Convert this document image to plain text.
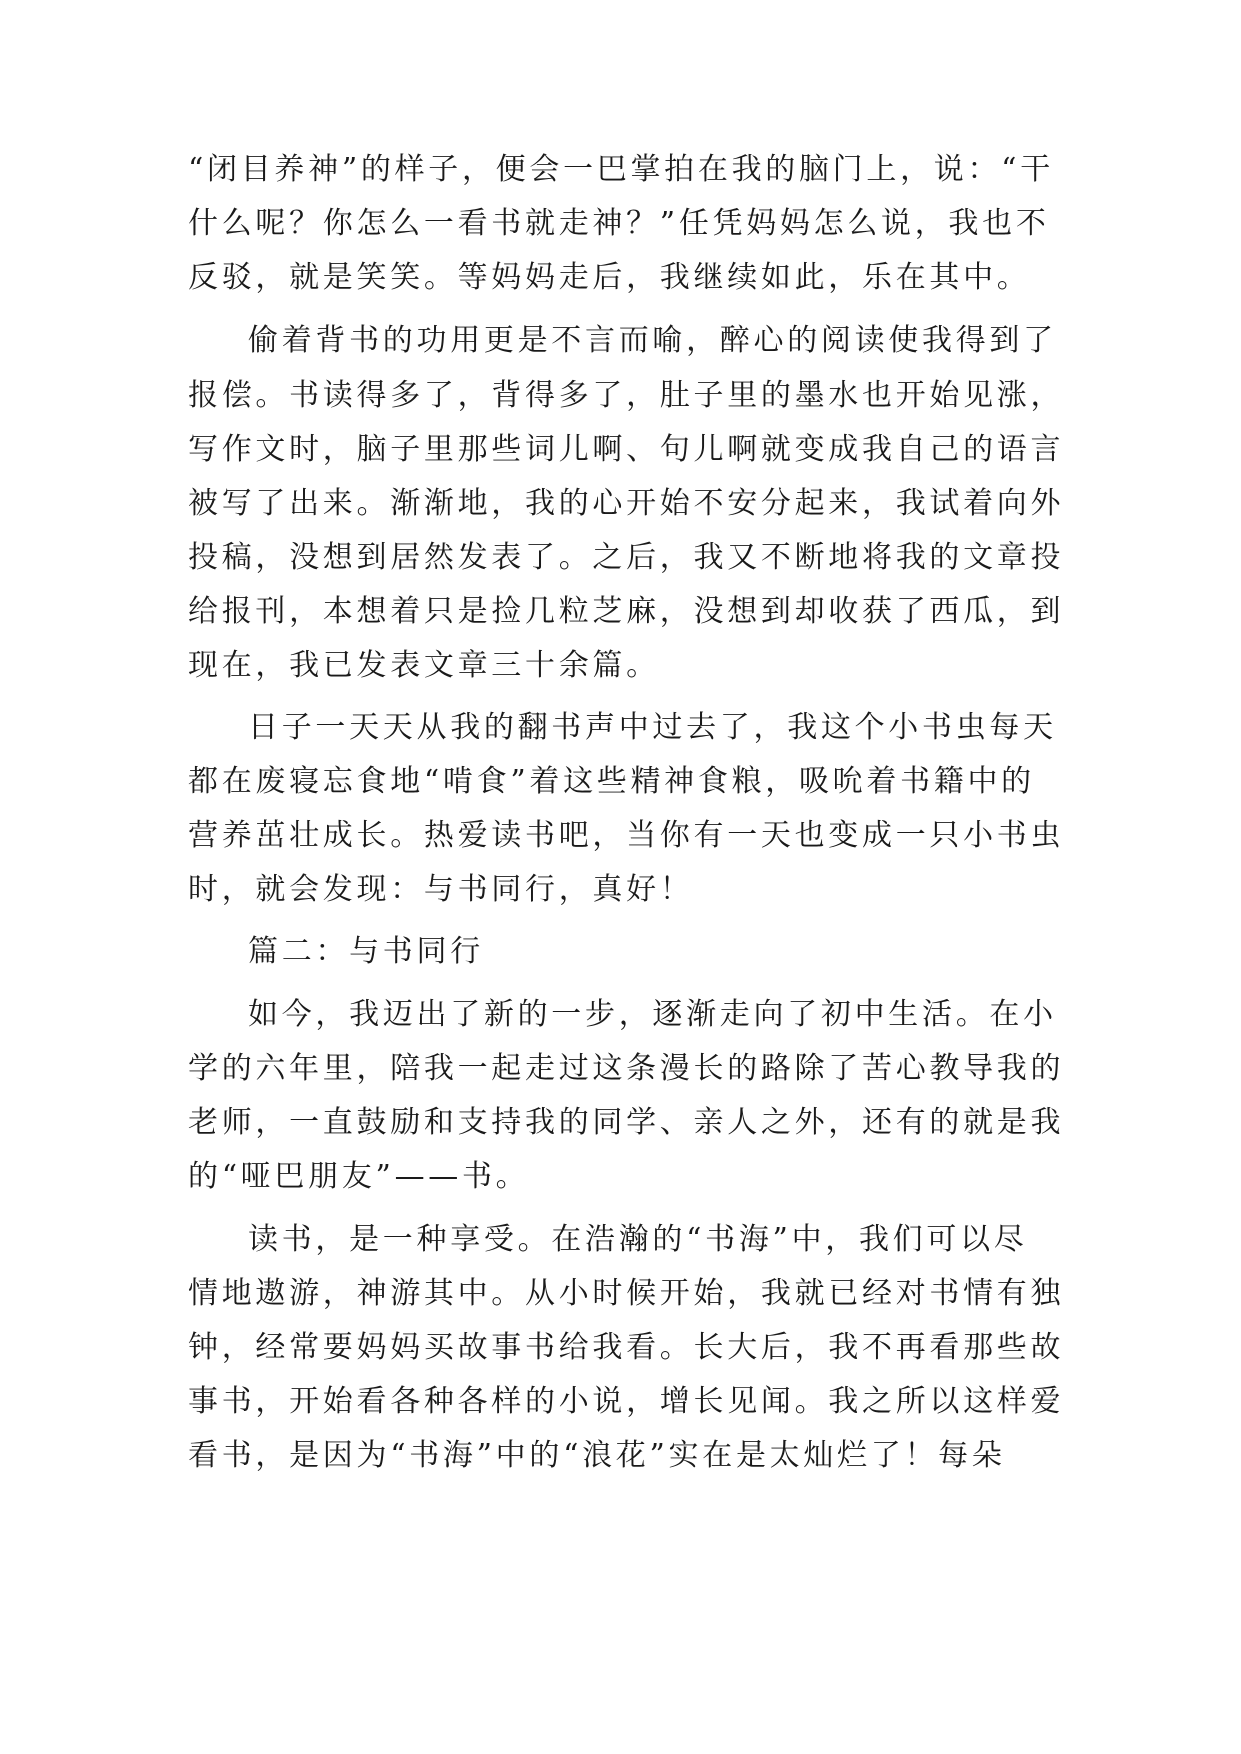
“闭目养神”的样子，便会一巴掌拍在我的脑门上，说：“干
什么呢？你怎么一看书就走神？”任凭妈妈怎么说，我也不
反驳，就是笑笑。等妈妈走后，我继续如此，乐在其中。
偷着背书的功用更是不言而喻，醉心的阅读使我得到了
报偿。书读得多了，背得多了，肚子里的墨水也开始见涨，
写作文时，脑子里那些词儿啊、句儿啊就变成我自己的语言
被写了出来。渐渐地，我的心开始不安分起来，我试着向外
投稿，没想到居然发表了。之后，我又不断地将我的文章投
给报刊，本想着只是捡几粒芝麻，没想到却收获了西瓜，到
现在，我已发表文章三十余篇。
日子一天天从我的翻书声中过去了，我这个小书虫每天
都在废寝忘食地“啃食”着这些精神食粮，吸吮着书籍中的
营养茁壮成长。热爱读书吧，当你有一天也变成一只小书虫
时，就会发现：与书同行，真好！
篇二：与书同行
如今，我迈出了新的一步，逐渐走向了初中生活。在小
学的六年里，陪我一起走过这条漫长的路除了苦心教导我的
老师，一直鼓励和支持我的同学、亲人之外，还有的就是我
的“哑巴朋友”——书。
读书，是一种享受。在浩瀚的“书海”中，我们可以尽
情地遨游，神游其中。从小时候开始，我就已经对书情有独
钟，经常要妈妈买故事书给我看。长大后，我不再看那些故
事书，开始看各种各样的小说，增长见闻。我之所以这样爱
看书，是因为“书海”中的“浪花”实在是太灿烂了！每朵
